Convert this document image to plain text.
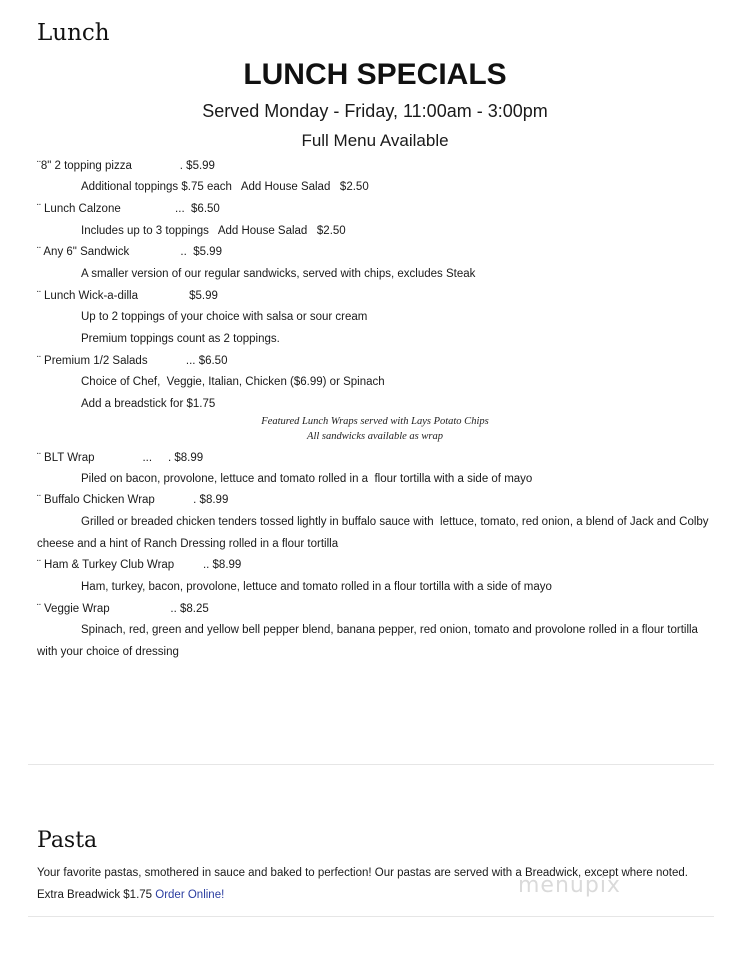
Lunch
LUNCH SPECIALS

Served Monday - Friday, 11:00am - 3:00pm

Full Menu Available

¨8" 2 topping pizza               . $5.99

Additional toppings $.75 each   Add House Salad   $2.50

¨ Lunch Calzone                 ...  $6.50

Includes up to 3 toppings   Add House Salad   $2.50

¨ Any 6" Sandwick                ..  $5.99

A smaller version of our regular sandwicks, served with chips, excludes Steak

¨ Lunch Wick-a-dilla                $5.99

Up to 2 toppings of your choice with salsa or sour cream

Premium toppings count as 2 toppings.

¨ Premium 1/2 Salads            ... $6.50

Choice of Chef,  Veggie, Italian, Chicken ($6.99) or Spinach

Add a breadstick for $1.75

Featured Lunch Wraps served with Lays Potato Chips

All sandwicks available as wrap

¨ BLT Wrap               ...     . $8.99

Piled on bacon, provolone, lettuce and tomato rolled in a  flour tortilla with a side of mayo

¨ Buffalo Chicken Wrap            . $8.99

Grilled or breaded chicken tenders tossed lightly in buffalo sauce with  lettuce, tomato, red onion, a blend of Jack and Colby

cheese and a hint of Ranch Dressing rolled in a flour tortilla

¨ Ham & Turkey Club Wrap         .. $8.99

Ham, turkey, bacon, provolone, lettuce and tomato rolled in a flour tortilla with a side of mayo

¨ Veggie Wrap                   .. $8.25

Spinach, red, green and yellow bell pepper blend, banana pepper, red onion, tomato and provolone rolled in a flour tortilla

with your choice of dressing

Pasta

Your favorite pastas, smothered in sauce and baked to perfection! Our pastas are served with a Breadwick, except where noted. Extra Breadwick $1.75 Order Online!	menupix
